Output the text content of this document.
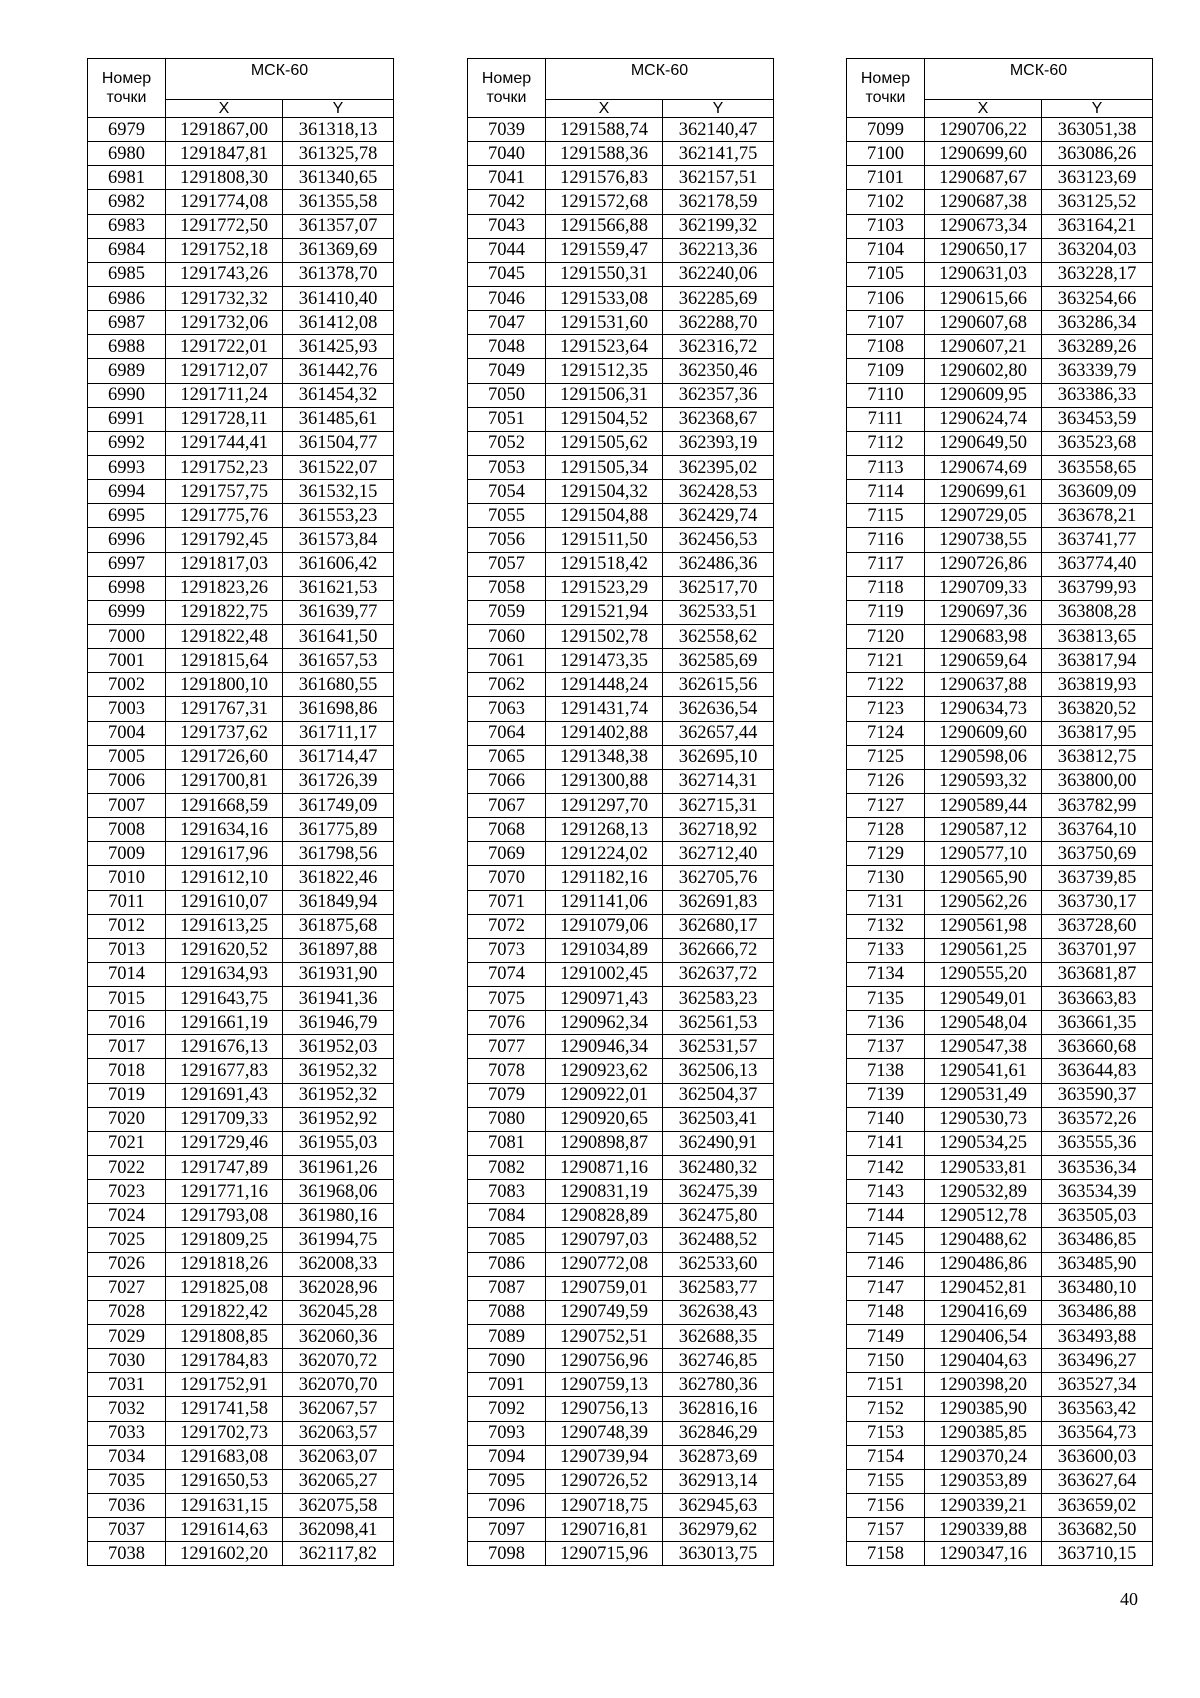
Номер точки	МСК-60	
	X	Y
6979	1291867,00	361318,13
6980	1291847,81	361325,78
6981	1291808,30	361340,65
6982	1291774,08	361355,58
6983	1291772,50	361357,07
6984	1291752,18	361369,69
6985	1291743,26	361378,70
6986	1291732,32	361410,40
6987	1291732,06	361412,08
6988	1291722,01	361425,93
6989	1291712,07	361442,76
6990	1291711,24	361454,32
6991	1291728,11	361485,61
6992	1291744,41	361504,77
6993	1291752,23	361522,07
6994	1291757,75	361532,15
6995	1291775,76	361553,23
6996	1291792,45	361573,84
6997	1291817,03	361606,42
6998	1291823,26	361621,53
6999	1291822,75	361639,77
7000	1291822,48	361641,50
7001	1291815,64	361657,53
7002	1291800,10	361680,55
7003	1291767,31	361698,86
7004	1291737,62	361711,17
7005	1291726,60	361714,47
7006	1291700,81	361726,39
7007	1291668,59	361749,09
7008	1291634,16	361775,89
7009	1291617,96	361798,56
7010	1291612,10	361822,46
7011	1291610,07	361849,94
7012	1291613,25	361875,68
7013	1291620,52	361897,88
7014	1291634,93	361931,90
7015	1291643,75	361941,36
7016	1291661,19	361946,79
7017	1291676,13	361952,03
7018	1291677,83	361952,32
7019	1291691,43	361952,32
7020	1291709,33	361952,92
7021	1291729,46	361955,03
7022	1291747,89	361961,26
7023	1291771,16	361968,06
7024	1291793,08	361980,16
7025	1291809,25	361994,75
7026	1291818,26	362008,33
7027	1291825,08	362028,96
7028	1291822,42	362045,28
7029	1291808,85	362060,36
7030	1291784,83	362070,72
7031	1291752,91	362070,70
7032	1291741,58	362067,57
7033	1291702,73	362063,57
7034	1291683,08	362063,07
7035	1291650,53	362065,27
7036	1291631,15	362075,58
7037	1291614,63	362098,41
7038	1291602,20	362117,82
Номер точки	МСК-60	
	X	Y
7039	1291588,74	362140,47
7040	1291588,36	362141,75
7041	1291576,83	362157,51
7042	1291572,68	362178,59
7043	1291566,88	362199,32
7044	1291559,47	362213,36
7045	1291550,31	362240,06
7046	1291533,08	362285,69
7047	1291531,60	362288,70
7048	1291523,64	362316,72
7049	1291512,35	362350,46
7050	1291506,31	362357,36
7051	1291504,52	362368,67
7052	1291505,62	362393,19
7053	1291505,34	362395,02
7054	1291504,32	362428,53
7055	1291504,88	362429,74
7056	1291511,50	362456,53
7057	1291518,42	362486,36
7058	1291523,29	362517,70
7059	1291521,94	362533,51
7060	1291502,78	362558,62
7061	1291473,35	362585,69
7062	1291448,24	362615,56
7063	1291431,74	362636,54
7064	1291402,88	362657,44
7065	1291348,38	362695,10
7066	1291300,88	362714,31
7067	1291297,70	362715,31
7068	1291268,13	362718,92
7069	1291224,02	362712,40
7070	1291182,16	362705,76
7071	1291141,06	362691,83
7072	1291079,06	362680,17
7073	1291034,89	362666,72
7074	1291002,45	362637,72
7075	1290971,43	362583,23
7076	1290962,34	362561,53
7077	1290946,34	362531,57
7078	1290923,62	362506,13
7079	1290922,01	362504,37
7080	1290920,65	362503,41
7081	1290898,87	362490,91
7082	1290871,16	362480,32
7083	1290831,19	362475,39
7084	1290828,89	362475,80
7085	1290797,03	362488,52
7086	1290772,08	362533,60
7087	1290759,01	362583,77
7088	1290749,59	362638,43
7089	1290752,51	362688,35
7090	1290756,96	362746,85
7091	1290759,13	362780,36
7092	1290756,13	362816,16
7093	1290748,39	362846,29
7094	1290739,94	362873,69
7095	1290726,52	362913,14
7096	1290718,75	362945,63
7097	1290716,81	362979,62
7098	1290715,96	363013,75
Номер точки	МСК-60	
	X	Y
7099	1290706,22	363051,38
7100	1290699,60	363086,26
7101	1290687,67	363123,69
7102	1290687,38	363125,52
7103	1290673,34	363164,21
7104	1290650,17	363204,03
7105	1290631,03	363228,17
7106	1290615,66	363254,66
7107	1290607,68	363286,34
7108	1290607,21	363289,26
7109	1290602,80	363339,79
7110	1290609,95	363386,33
7111	1290624,74	363453,59
7112	1290649,50	363523,68
7113	1290674,69	363558,65
7114	1290699,61	363609,09
7115	1290729,05	363678,21
7116	1290738,55	363741,77
7117	1290726,86	363774,40
7118	1290709,33	363799,93
7119	1290697,36	363808,28
7120	1290683,98	363813,65
7121	1290659,64	363817,94
7122	1290637,88	363819,93
7123	1290634,73	363820,52
7124	1290609,60	363817,95
7125	1290598,06	363812,75
7126	1290593,32	363800,00
7127	1290589,44	363782,99
7128	1290587,12	363764,10
7129	1290577,10	363750,69
7130	1290565,90	363739,85
7131	1290562,26	363730,17
7132	1290561,98	363728,60
7133	1290561,25	363701,97
7134	1290555,20	363681,87
7135	1290549,01	363663,83
7136	1290548,04	363661,35
7137	1290547,38	363660,68
7138	1290541,61	363644,83
7139	1290531,49	363590,37
7140	1290530,73	363572,26
7141	1290534,25	363555,36
7142	1290533,81	363536,34
7143	1290532,89	363534,39
7144	1290512,78	363505,03
7145	1290488,62	363486,85
7146	1290486,86	363485,90
7147	1290452,81	363480,10
7148	1290416,69	363486,88
7149	1290406,54	363493,88
7150	1290404,63	363496,27
7151	1290398,20	363527,34
7152	1290385,90	363563,42
7153	1290385,85	363564,73
7154	1290370,24	363600,03
7155	1290353,89	363627,64
7156	1290339,21	363659,02
7157	1290339,88	363682,50
7158	1290347,16	363710,15
40
